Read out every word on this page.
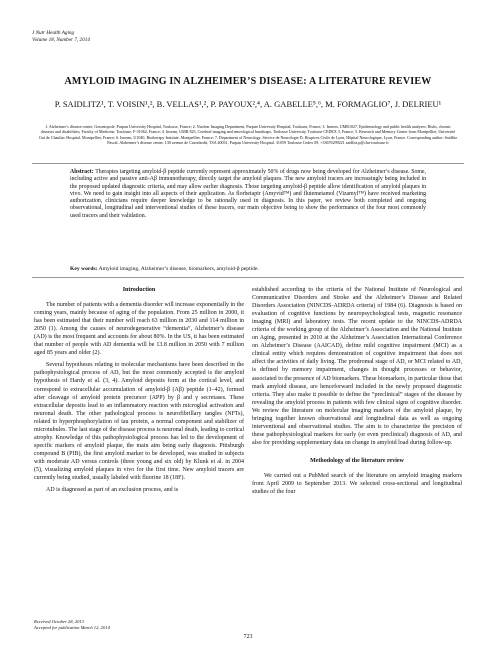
J Nutr Health Aging
Volume 18, Number 7, 2014
AMYLOID IMAGING IN ALZHEIMER’S DISEASE: A LITERATURE REVIEW
P. SAIDLITZ¹, T. VOISIN¹,², B. VELLAS¹,², P. PAYOUX²,⁴, A. GABELLE⁵,⁶, M. FORMAGLIO⁷, J. DELRIEU¹
1. Alzheimer’s disease center, Gerontopole, Purpan University Hospital, Toulouse, France; 2. Nuclear Imaging Department, Purpan University Hospital, Toulouse, France; 3. Inserm, UMR1027, Epidemiology and public health analyses: Risks, chronic diseases and disabilities, Faculty of Medicine, Toulouse, F-31062, France; 4. Inserm, UMR 825, Cerebral imaging and neurological handicaps, Toulouse University, Toulouse CEDEX 3, France; 5. Research and Memory Center from Montpellier, Université Gui de Chauliac Hospital, Montpellier, France; 6. Inserm, U1040, Biotherapy Institute, Montpellier, France; 7. Department of Neurology, Service de Neurologie D, Hospices Civils de Lyon, Hôpital Neurologique, Lyon, France. Corresponding author: Saidlitz Pascal, Alzheimer’s disease center, 130 avenue de Casselardit, TSA 40031, Purpan University Hospital, 31059 Toulouse Cedex 09, +33676299221 saidlitz.p@chu-toulouse.fr
Abstract: Therapies targeting amyloid-β peptide currently represent approximately 50% of drugs now being developed for Alzheimer’s disease. Some, including active and passive anti-Aβ immunotherapy, directly target the amyloid plaques. The new amyloid tracers are increasingly being included in the proposed updated diagnostic criteria, and may allow earlier diagnosis. Those targeting amyloid-β peptide allow identification of amyloid plaques in vivo. We need to gain insight into all aspects of their application. As florbetapir (Amyvid™) and flutemetamol (Vizamyl™) have received marketing authorization, clinicians require deeper knowledge to be rationally used in diagnosis. In this paper, we review both completed and ongoing observational, longitudinal and interventional studies of these tracers, our main objective being to show the performance of the four most commonly used tracers and their validation.
Key words: Amyloid imaging, Alzheimer’s disease, biomarkers, amyloid-β peptide.
Introduction

The number of patients with a dementia disorder will increase exponentially in the coming years, mainly because of aging of the population. From 25 million in 2000, it has been estimated that their number will reach 63 million in 2030 and 114 million in 2050 (1). Among the causes of neurodegenerative “dementia”, Alzheimer’s disease (AD) is the most frequent and accounts for about 80%. In the US, it has been estimated that number of people with AD dementia will be 13.8 million in 2050 with 7 million aged 85 years and older (2).

Several hypotheses relating to molecular mechanisms have been described in the pathophysiological process of AD, but the most commonly accepted is the amyloid hypothesis of Hardy et al. (3, 4). Amyloid deposits form at the cortical level, and correspond to extracellular accumulation of amyloid-β (Aβ) peptide (1–42), formed after cleavage of amyloid protein precursor (APP) by β and γ secretases. These extracellular deposits lead to an inflammatory reaction with microglial activation and neuronal death. The other pathological process is neurofibrillary tangles (NFTs), related to hyperphosphorylation of tau protein, a normal component and stabilizer of microtubules. The last stage of the disease process is neuronal death, leading to cortical atrophy. Knowledge of this pathophysiological process has led to the development of specific markers of amyloid plaque, the main aim being early diagnosis. Pittsburgh compound B (PIB), the first amyloid marker to be developed, was studied in subjects with moderate AD versus controls (three young and six old) by Klunk et al. in 2004 (5), visualizing amyloid plaques in vivo for the first time. New amyloid tracers are currently being studied, usually labeled with fluorine 18 (18F).

AD is diagnosed as part of an exclusion process, and is

established according to the criteria of the National Institute of Neurological and Communicative Disorders and Stroke and the Alzheimer’s Disease and Related Disorders Association (NINCDS-ADRDA criteria) of 1984 (6). Diagnosis is based on evaluation of cognitive functions by neuropsychological tests, magnetic resonance imaging (MRI) and laboratory tests. The recent update to the NINCDS-ADRDA criteria of the working group of the Alzheimer’s Association and the National Institute on Aging, presented in 2010 at the Alzheimer’s Association International Conference on Alzheimer’s Disease (AAICAD), define mild cognitive impairment (MCI) as a clinical entity which requires demonstration of cognitive impairment that does not affect the activities of daily living. The prodromal stage of AD, or MCI related to AD, is defined by memory impairment, changes in thought processes or behavior, associated to the presence of AD biomarkers. These biomarkers, in particular those that mark amyloid disease, are henceforward included in the newly proposed diagnostic criteria. They also make it possible to define the “preclinical” stages of the disease by revealing the amyloid process in patients with few clinical signs of cognitive disorder. We review the literature on molecular imaging markers of the amyloid plaque, by bringing together known observational and longitudinal data as well as ongoing interventional and observational studies. The aim is to characterize the precision of these pathophysiological markers for early (or even preclinical) diagnosis of AD, and also for providing supplementary data on change in amyloid load during follow-up.

Methodology of the literature review

We carried out a PubMed search of the literature on amyloid imaging markers from April 2009 to September 2013. We selected cross-sectional and longitudinal studies of the four

Received October 28, 2013
Accepted for publication March 12, 2014
723
